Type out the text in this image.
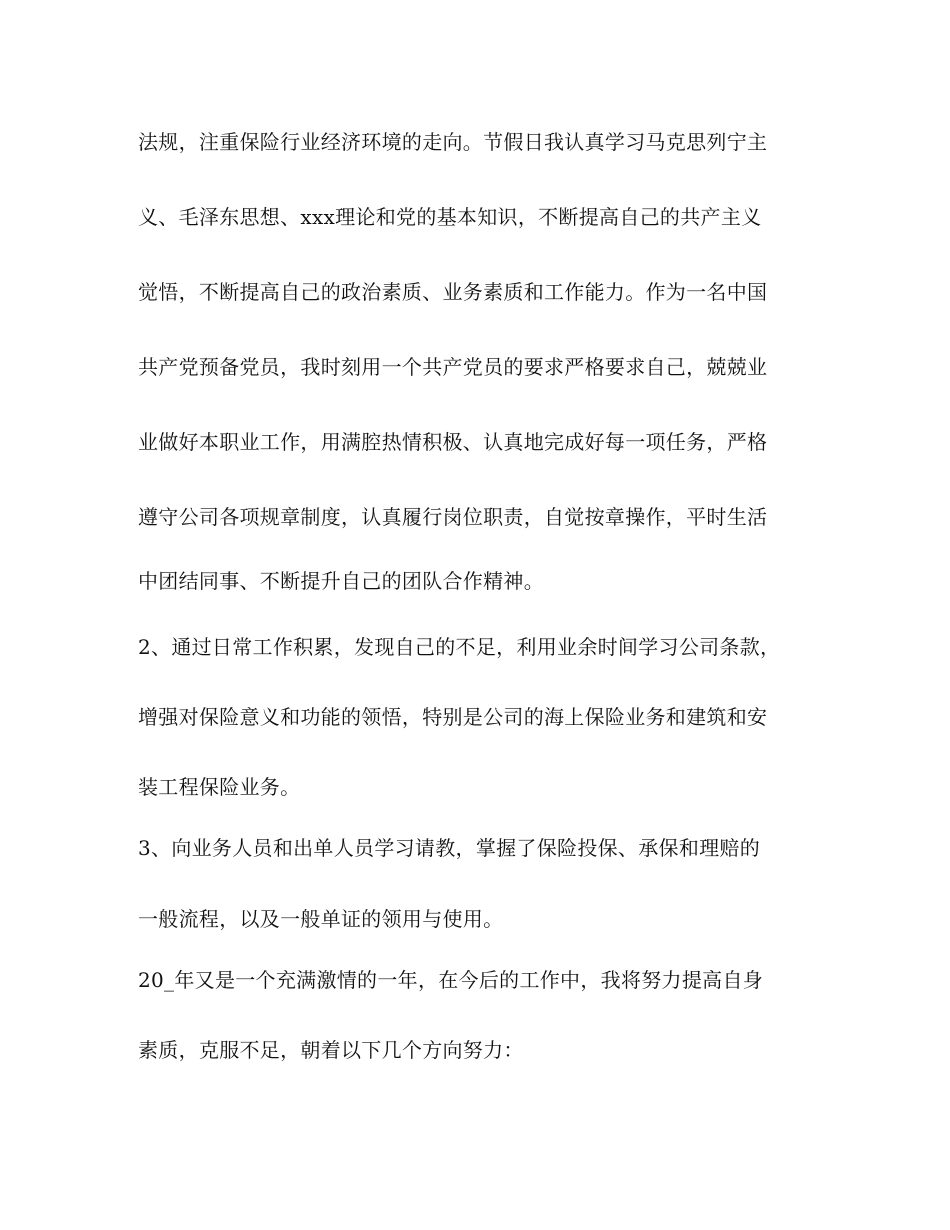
法规，注重保险行业经济环境的走向。节假日我认真学习马克思列宁主
义、毛泽东思想、xxx理论和党的基本知识，不断提高自己的共产主义
觉悟，不断提高自己的政治素质、业务素质和工作能力。作为一名中国
共产党预备党员，我时刻用一个共产党员的要求严格要求自己，兢兢业
业做好本职业工作，用满腔热情积极、认真地完成好每一项任务，严格
遵守公司各项规章制度，认真履行岗位职责，自觉按章操作，平时生活
中团结同事、不断提升自己的团队合作精神。
2、通过日常工作积累，发现自己的不足，利用业余时间学习公司条款，
增强对保险意义和功能的领悟，特别是公司的海上保险业务和建筑和安
装工程保险业务。
3、向业务人员和出单人员学习请教，掌握了保险投保、承保和理赔的
一般流程，以及一般单证的领用与使用。
20_年又是一个充满激情的一年，在今后的工作中，我将努力提高自身
素质，克服不足，朝着以下几个方向努力：
